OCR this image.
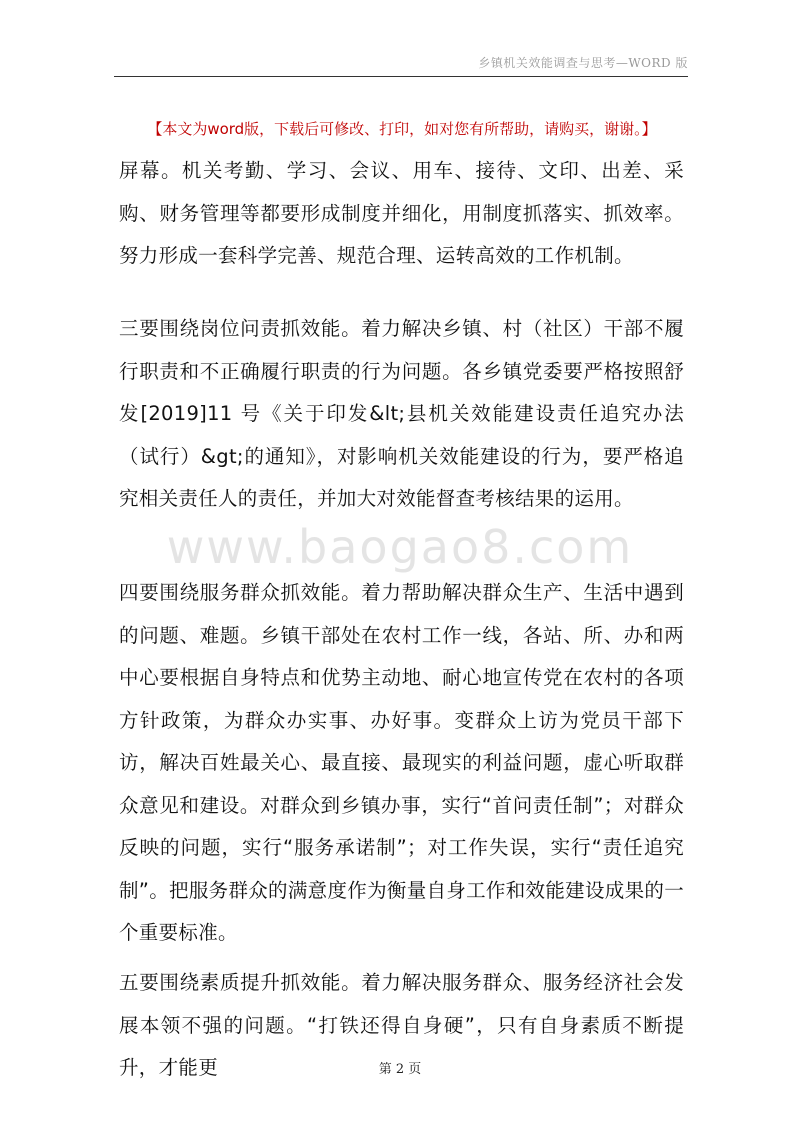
乡镇机关效能调查与思考—WORD 版
【本文为word版，下载后可修改、打印，如对您有所帮助，请购买，谢谢。】
www.baogao8.com
屏幕。机关考勤、学习、会议、用车、接待、文印、出差、采购、财务管理等都要形成制度并细化，用制度抓落实、抓效率。努力形成一套科学完善、规范合理、运转高效的工作机制。
三要围绕岗位问责抓效能。着力解决乡镇、村（社区）干部不履行职责和不正确履行职责的行为问题。各乡镇党委要严格按照舒发[2019]11 号《关于印发&lt;县机关效能建设责任追究办法（试行）&gt;的通知》，对影响机关效能建设的行为，要严格追究相关责任人的责任，并加大对效能督查考核结果的运用。
四要围绕服务群众抓效能。着力帮助解决群众生产、生活中遇到的问题、难题。乡镇干部处在农村工作一线，各站、所、办和两中心要根据自身特点和优势主动地、耐心地宣传党在农村的各项方针政策，为群众办实事、办好事。变群众上访为党员干部下访，解决百姓最关心、最直接、最现实的利益问题，虚心听取群众意见和建设。对群众到乡镇办事，实行“首问责任制”；对群众反映的问题，实行“服务承诺制”；对工作失误，实行“责任追究制”。把服务群众的满意度作为衡量自身工作和效能建设成果的一个重要标准。
五要围绕素质提升抓效能。着力解决服务群众、服务经济社会发展本领不强的问题。“打铁还得自身硬”，只有自身素质不断提升，才能更	第 2 页
